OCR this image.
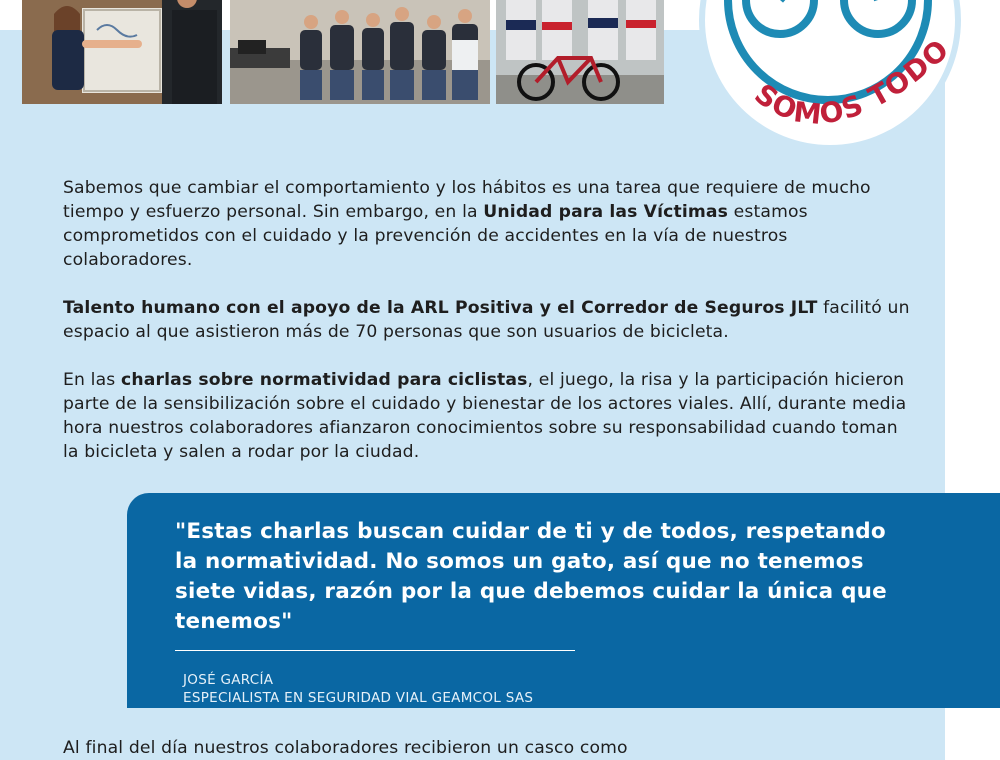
SOMOS TODO

Sabemos que cambiar el comportamiento y los hábitos es una tarea que requiere de mucho tiempo y esfuerzo personal. Sin embargo, en la Unidad para las Víctimas estamos comprometidos con el cuidado y la prevención de accidentes en la vía de nuestros colaboradores.

Talento humano con el apoyo de la ARL Positiva y el Corredor de Seguros JLT facilitó un espacio al que asistieron más de 70 personas que son usuarios de bicicleta.

En las charlas sobre normatividad para ciclistas, el juego, la risa y la participación hicieron parte de la sensibilización sobre el cuidado y bienestar de los actores viales. Allí, durante media hora nuestros colaboradores afianzaron conocimientos sobre su responsabilidad cuando toman la bicicleta y salen a rodar por la ciudad.

"Estas charlas buscan cuidar de ti y de todos, respetando la normatividad. No somos un gato, así que no tenemos siete vidas, razón por la que debemos cuidar la única que tenemos"
JOSÉ GARCÍA
ESPECIALISTA EN SEGURIDAD VIAL GEAMCOL SAS
Al final del día nuestros colaboradores recibieron un casco como
